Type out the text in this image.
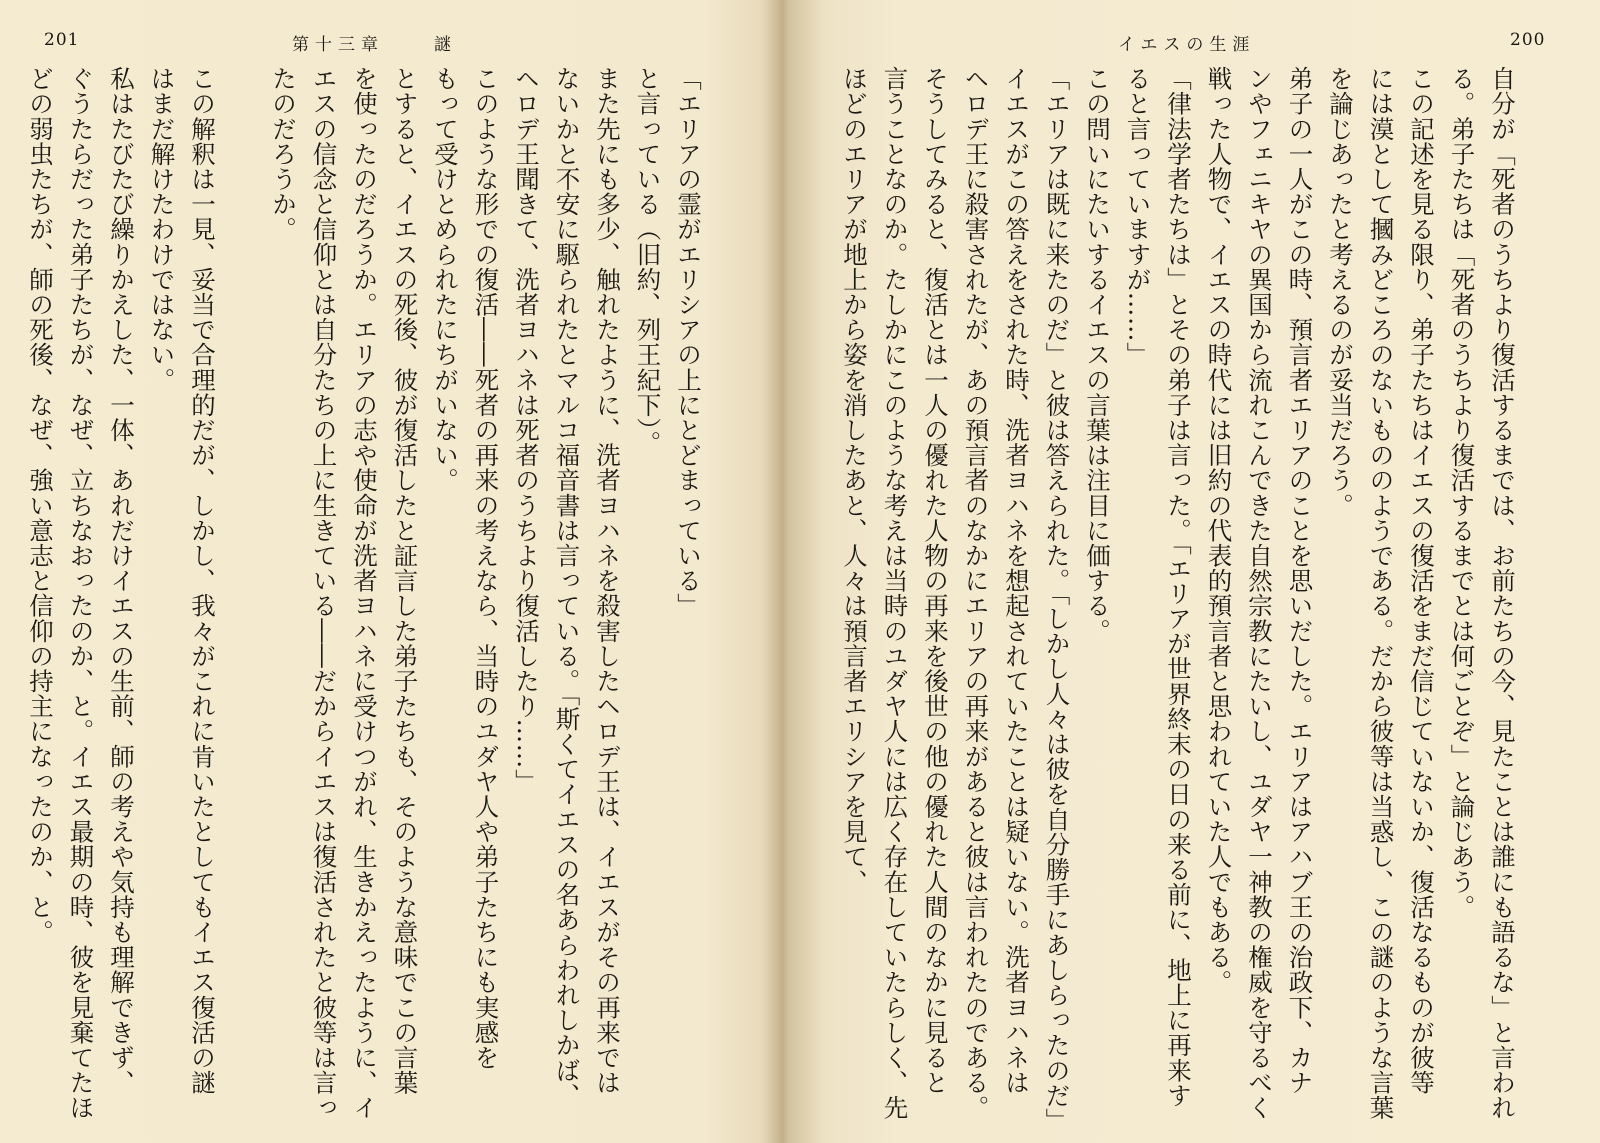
201	第十三章	謎
「エリアの霊がエリシアの上にとどまっている」
と言っている（旧約、列王紀下）。
また先にも多少、触れたように、洗者ヨハネを殺害したヘロデ王は、イエスがその再来では
ないかと不安に駆られたとマルコ福音書は言っている。「斯くてイエスの名あらわれしかば、
ヘロデ王聞きて、洗者ヨハネは死者のうちより復活したり……」
このような形での復活――死者の再来の考えなら、当時のユダヤ人や弟子たちにも実感を
もって受けとめられたにちがいない。
とすると、イエスの死後、彼が復活したと証言した弟子たちも、そのような意味でこの言葉
を使ったのだろうか。エリアの志や使命が洗者ヨハネに受けつがれ、生きかえったように、イ
エスの信念と信仰とは自分たちの上に生きている――だからイエスは復活されたと彼等は言っ
たのだろうか。
この解釈は一見、妥当で合理的だが、しかし、我々がこれに肯いたとしてもイエス復活の謎
はまだ解けたわけではない。
私はたびたび繰りかえした、一体、あれだけイエスの生前、師の考えや気持も理解できず、
ぐうたらだった弟子たちが、なぜ、立ちなおったのか、と。イエス最期の時、彼を見棄てたほ
どの弱虫たちが、師の死後、なぜ、強い意志と信仰の持主になったのか、と。
イエスの生涯	200
自分が「死者のうちより復活するまでは、お前たちの今、見たことは誰にも語るな」と言われ
る。弟子たちは「死者のうちより復活するまでとは何ごとぞ」と論じあう。
この記述を見る限り、弟子たちはイエスの復活をまだ信じていないか、復活なるものが彼等
には漠として摑みどころのないもののようである。だから彼等は当惑し、この謎のような言葉
を論じあったと考えるのが妥当だろう。
弟子の一人がこの時、預言者エリアのことを思いだした。エリアはアハブ王の治政下、カナ
ンやフェニキヤの異国から流れこんできた自然宗教にたいし、ユダヤ一神教の権威を守るべく
戦った人物で、イエスの時代には旧約の代表的預言者と思われていた人でもある。
「律法学者たちは」とその弟子は言った。「エリアが世界終末の日の来る前に、地上に再来す
ると言っていますが……」
この問いにたいするイエスの言葉は注目に価する。
「エリアは既に来たのだ」と彼は答えられた。「しかし人々は彼を自分勝手にあしらったのだ」
イエスがこの答えをされた時、洗者ヨハネを想起されていたことは疑いない。洗者ヨハネは
ヘロデ王に殺害されたが、あの預言者のなかにエリアの再来があると彼は言われたのである。
そうしてみると、復活とは一人の優れた人物の再来を後世の他の優れた人間のなかに見ると
言うことなのか。たしかにこのような考えは当時のユダヤ人には広く存在していたらしく、先
ほどのエリアが地上から姿を消したあと、人々は預言者エリシアを見て、
